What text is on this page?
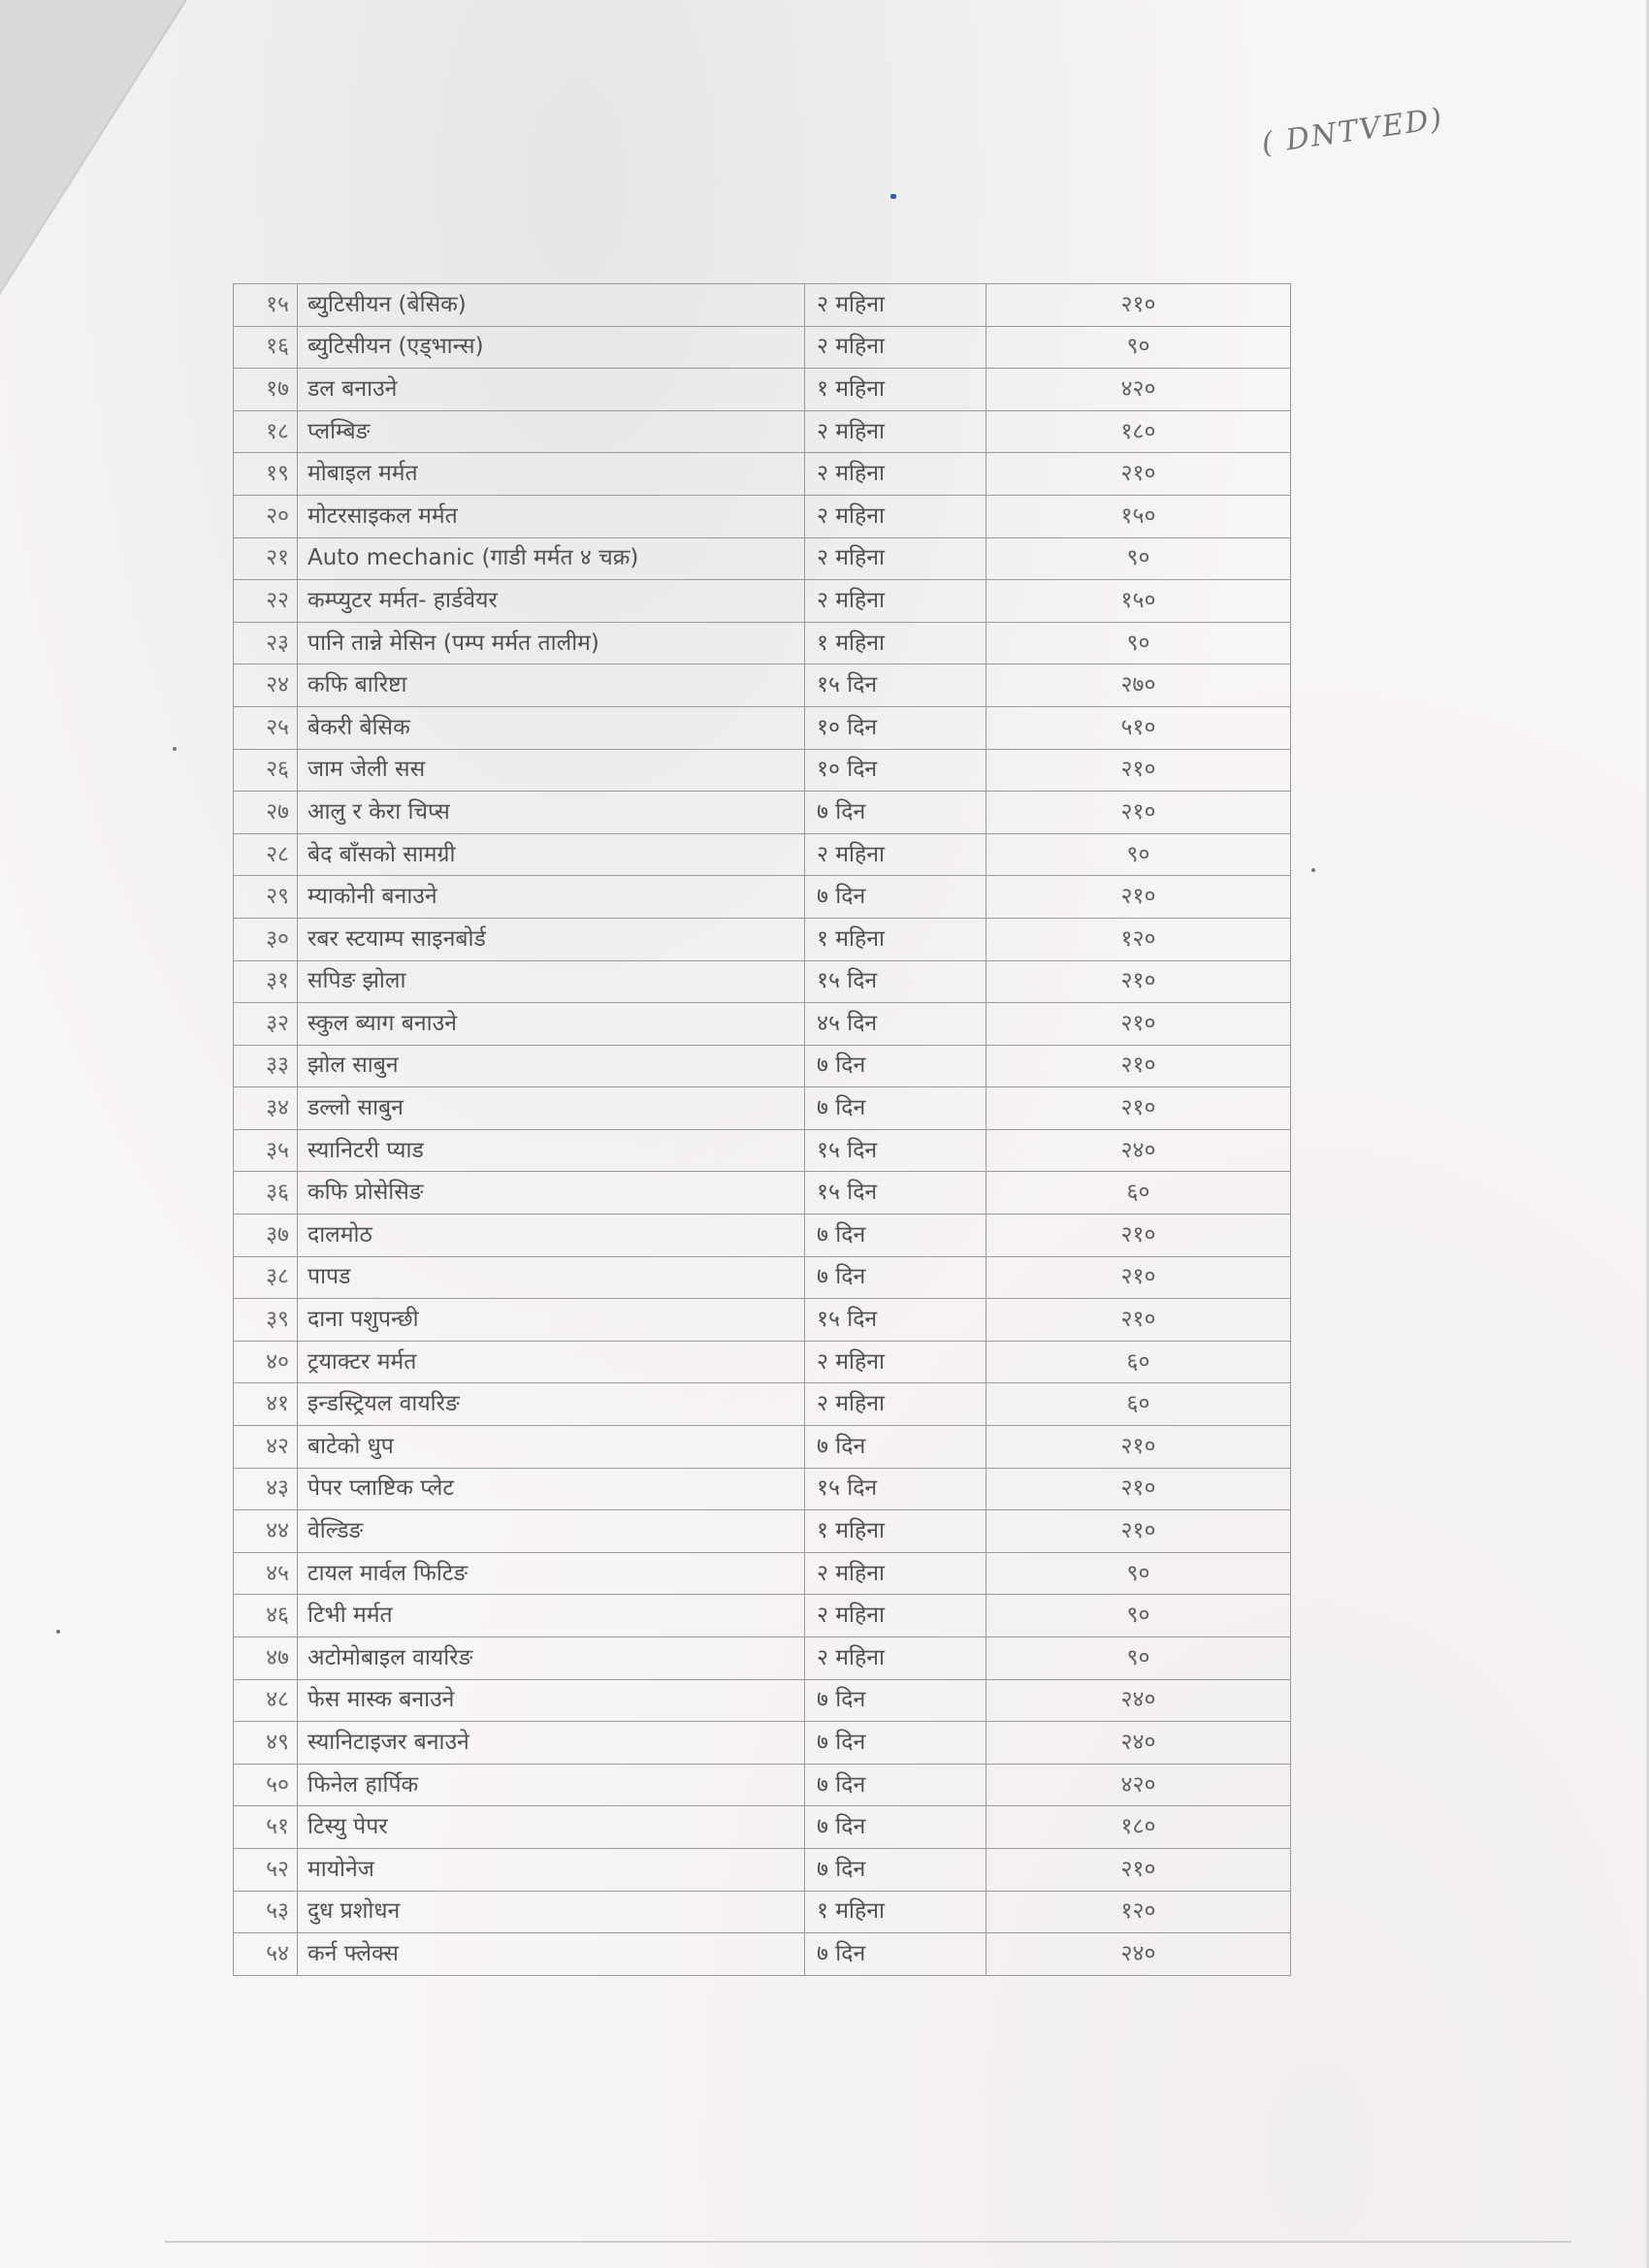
( DNTVED)
१५	ब्युटिसीयन (बेसिक)	२ महिना	२१०
१६	ब्युटिसीयन (एड्भान्स)	२ महिना	९०
१७	डल बनाउने	१ महिना	४२०
१८	प्लम्बिङ	२ महिना	१८०
१९	मोबाइल मर्मत	२ महिना	२१०
२०	मोटरसाइकल मर्मत	२ महिना	१५०
२१	Auto mechanic (गाडी मर्मत ४ चक्र)	२ महिना	९०
२२	कम्प्युटर मर्मत- हार्डवेयर	२ महिना	१५०
२३	पानि तान्ने मेसिन (पम्प मर्मत तालीम)	१ महिना	९०
२४	कफि बारिष्टा	१५ दिन	२७०
२५	बेकरी बेसिक	१० दिन	५१०
२६	जाम जेली सस	१० दिन	२१०
२७	आलु र केरा चिप्स	७ दिन	२१०
२८	बेद बाँसको सामग्री	२ महिना	९०
२९	म्याकोनी बनाउने	७ दिन	२१०
३०	रबर स्टयाम्प साइनबोर्ड	१ महिना	१२०
३१	सपिङ झोला	१५ दिन	२१०
३२	स्कुल ब्याग बनाउने	४५ दिन	२१०
३३	झोल साबुन	७ दिन	२१०
३४	डल्लो साबुन	७ दिन	२१०
३५	स्यानिटरी प्याड	१५ दिन	२४०
३६	कफि प्रोसेसिङ	१५ दिन	६०
३७	दालमोठ	७ दिन	२१०
३८	पापड	७ दिन	२१०
३९	दाना पशुपन्छी	१५ दिन	२१०
४०	ट्रयाक्टर मर्मत	२ महिना	६०
४१	इन्डस्ट्रियल वायरिङ	२ महिना	६०
४२	बाटेको धुप	७ दिन	२१०
४३	पेपर प्लाष्टिक प्लेट	१५ दिन	२१०
४४	वेल्डिङ	१ महिना	२१०
४५	टायल मार्वल फिटिङ	२ महिना	९०
४६	टिभी मर्मत	२ महिना	९०
४७	अटोमोबाइल वायरिङ	२ महिना	९०
४८	फेस मास्क बनाउने	७ दिन	२४०
४९	स्यानिटाइजर बनाउने	७ दिन	२४०
५०	फिनेल हार्पिक	७ दिन	४२०
५१	टिस्यु पेपर	७ दिन	१८०
५२	मायोनेज	७ दिन	२१०
५३	दुध प्रशोधन	१ महिना	१२०
५४	कर्न फ्लेक्स	७ दिन	२४०
